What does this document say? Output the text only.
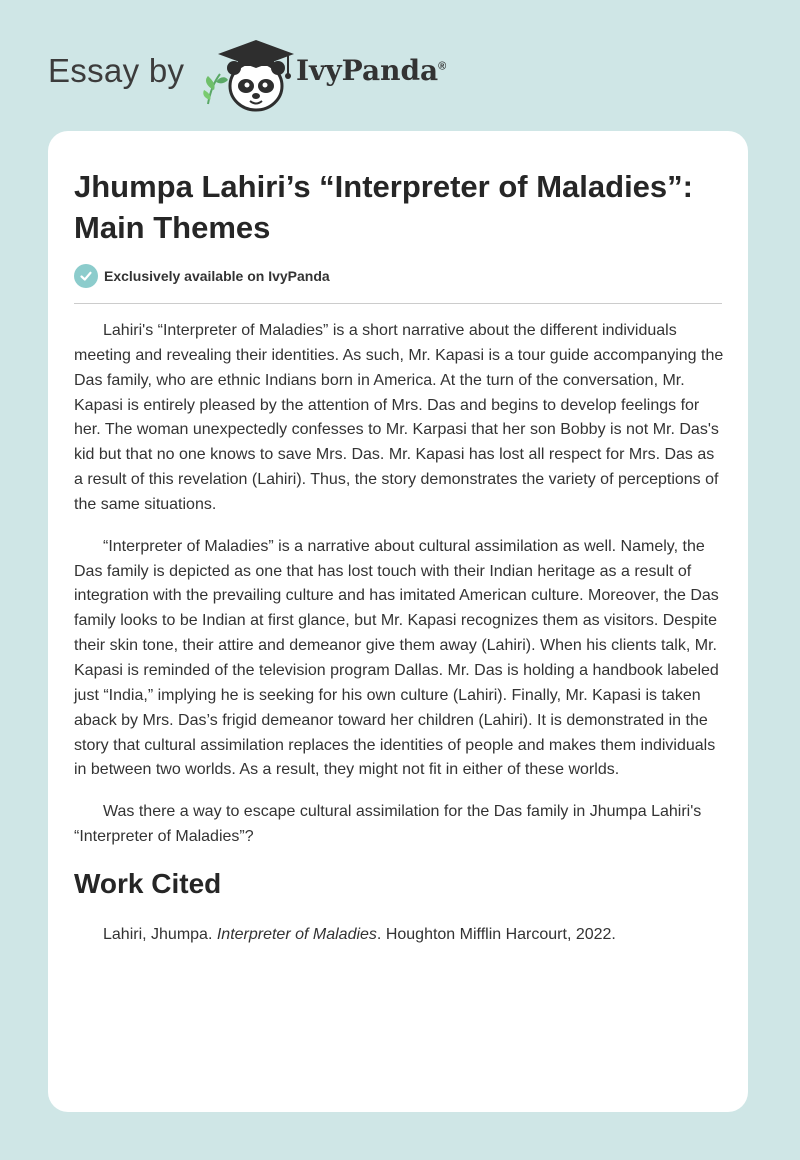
Essay by	IvyPanda®
Jhumpa Lahiri’s “Interpreter of Maladies”: Main Themes
Exclusively available on IvyPanda

Lahiri's “Interpreter of Maladies” is a short narrative about the different individuals meeting and revealing their identities. As such, Mr. Kapasi is a tour guide accompanying the Das family, who are ethnic Indians born in America. At the turn of the conversation, Mr. Kapasi is entirely pleased by the attention of Mrs. Das and begins to develop feelings for her. The woman unexpectedly confesses to Mr. Karpasi that her son Bobby is not Mr. Das's kid but that no one knows to save Mrs. Das. Mr. Kapasi has lost all respect for Mrs. Das as a result of this revelation (Lahiri). Thus, the story demonstrates the variety of perceptions of the same situations.

“Interpreter of Maladies” is a narrative about cultural assimilation as well. Namely, the Das family is depicted as one that has lost touch with their Indian heritage as a result of integration with the prevailing culture and has imitated American culture. Moreover, the Das family looks to be Indian at first glance, but Mr. Kapasi recognizes them as visitors. Despite their skin tone, their attire and demeanor give them away (Lahiri). When his clients talk, Mr. Kapasi is reminded of the television program Dallas. Mr. Das is holding a handbook labeled just “India,” implying he is seeking for his own culture (Lahiri). Finally, Mr. Kapasi is taken aback by Mrs. Das’s frigid demeanor toward her children (Lahiri). It is demonstrated in the story that cultural assimilation replaces the identities of people and makes them individuals in between two worlds. As a result, they might not fit in either of these worlds.

Was there a way to escape cultural assimilation for the Das family in Jhumpa Lahiri's “Interpreter of Maladies”?

Work Cited

Lahiri, Jhumpa. Interpreter of Maladies. Houghton Mifflin Harcourt, 2022.
